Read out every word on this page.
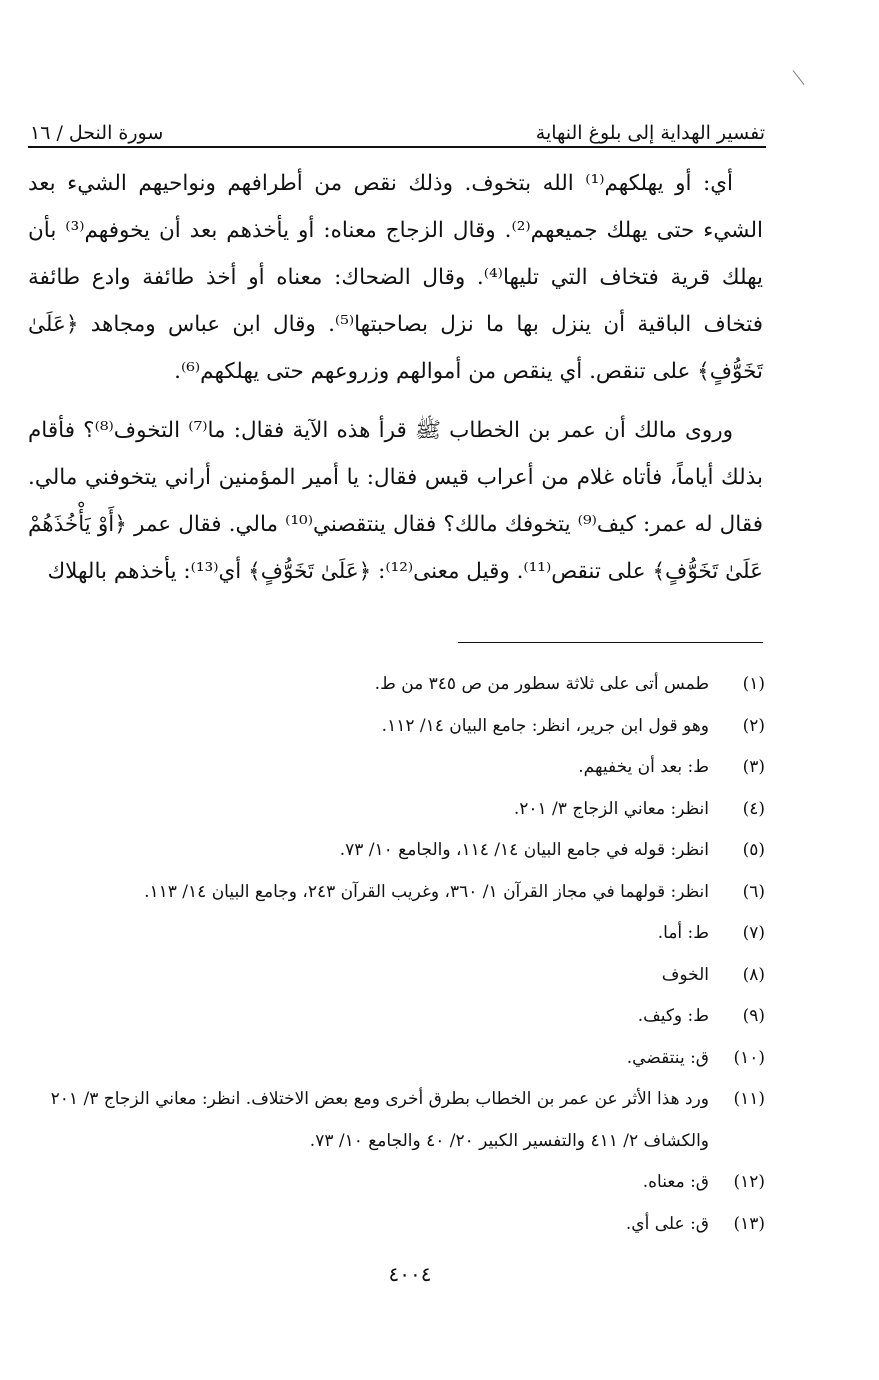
تفسير الهداية إلى بلوغ النهاية
سورة النحل / ١٦

أي: أو يهلكهم⁽¹⁾ الله بتخوف. وذلك نقص من أطرافهم ونواحيهم الشيء بعد الشيء حتى يهلك جميعهم⁽²⁾. وقال الزجاج معناه: أو يأخذهم بعد أن يخوفهم⁽³⁾ بأن يهلك قرية فتخاف التي تليها⁽⁴⁾. وقال الضحاك: معناه أو أخذ طائفة وادع طائفة فتخاف الباقية أن ينزل بها ما نزل بصاحبتها⁽⁵⁾. وقال ابن عباس ومجاهد ﴿عَلَىٰ تَخَوُّفٍ﴾ على تنقص. أي ينقص من أموالهم وزروعهم حتى يهلكهم⁽⁶⁾.

وروى مالك أن عمر بن الخطاب ﷺ قرأ هذه الآية فقال: ما⁽⁷⁾ التخوف⁽⁸⁾؟ فأقام بذلك أياماً، فأتاه غلام من أعراب قيس فقال: يا أمير المؤمنين أراني يتخوفني مالي. فقال له عمر: كيف⁽⁹⁾ يتخوفك مالك؟ فقال ينتقصني⁽¹⁰⁾ مالي. فقال عمر ﴿أَوْ يَأْخُذَهُمْ عَلَىٰ تَخَوُّفٍ﴾ على تنقص⁽¹¹⁾. وقيل معنى⁽¹²⁾: ﴿عَلَىٰ تَخَوُّفٍ﴾ أي⁽¹³⁾: يأخذهم بالهلاك

(١)
طمس أتى على ثلاثة سطور من ص ٣٤٥ من ط.
(٢)
وهو قول ابن جرير، انظر: جامع البيان ١٤/ ١١٢.
(٣)
ط: بعد أن يخفيهم.
(٤)
انظر: معاني الزجاج ٣/ ٢٠١.
(٥)
انظر: قوله في جامع البيان ١٤/ ١١٤، والجامع ١٠/ ٧٣.
(٦)
انظر: قولهما في مجاز القرآن ١/ ٣٦٠، وغريب القرآن ٢٤٣، وجامع البيان ١٤/ ١١٣.
(٧)
ط: أما.
(٨)
الخوف
(٩)
ط: وكيف.
(١٠)
ق: ينتقضي.
(١١)
ورد هذا الأثر عن عمر بن الخطاب بطرق أخرى ومع بعض الاختلاف. انظر: معاني الزجاج ٣/ ٢٠١ والكشاف ٢/ ٤١١ والتفسير الكبير ٢٠/ ٤٠ والجامع ١٠/ ٧٣.
(١٢)
ق: معناه.
(١٣)
ق: على أي.
٤٠٠٤
